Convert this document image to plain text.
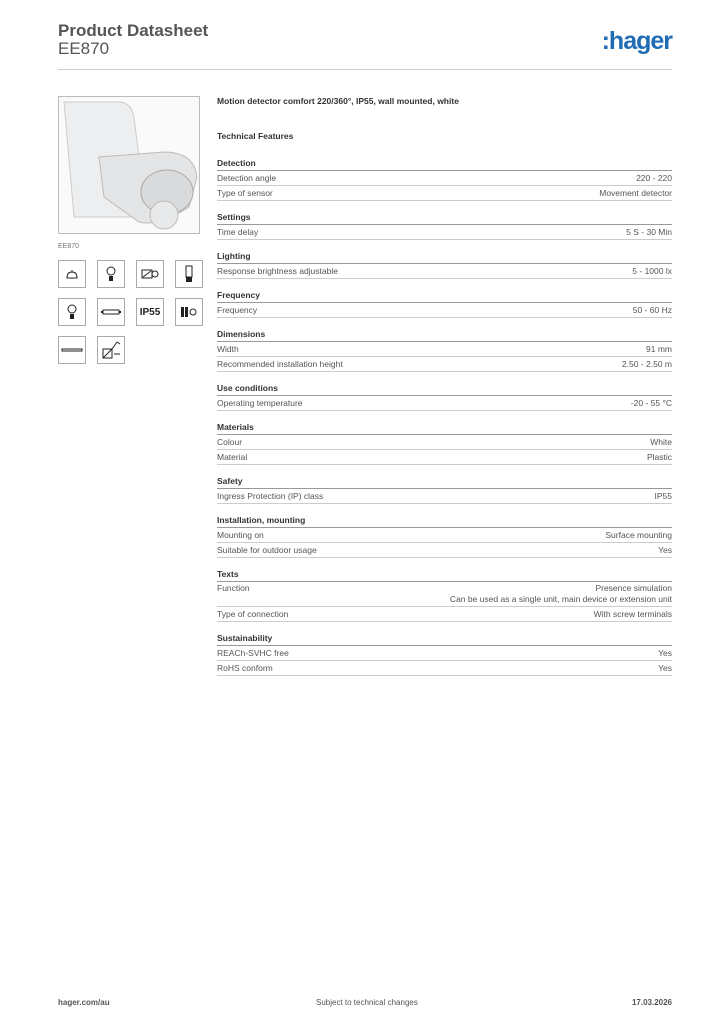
Product Datasheet
EE870	:hager
EE870
IP55
Motion detector comfort 220/360°, IP55, wall mounted, white
Technical Features
Detection
Detection angle	220 - 220
Type of sensor	Movement detector
Settings
Time delay	5 S - 30 Min
Lighting
Response brightness adjustable	5 - 1000 lx
Frequency
Frequency	50 - 60 Hz
Dimensions
Width	91 mm
Recommended installation height	2.50 - 2.50 m
Use conditions
Operating temperature	-20 - 55 °C
Materials
Colour	White
Material	Plastic
Safety
Ingress Protection (IP) class	IP55
Installation, mounting
Mounting on	Surface mounting
Suitable for outdoor usage	Yes
Texts
Function	Presence simulation
Can be used as a single unit, main device or extension unit
Type of connection	With screw terminals
Sustainability
REACh-SVHC free	Yes
RoHS conform	Yes
hager.com/au	Subject to technical changes	17.03.2026
